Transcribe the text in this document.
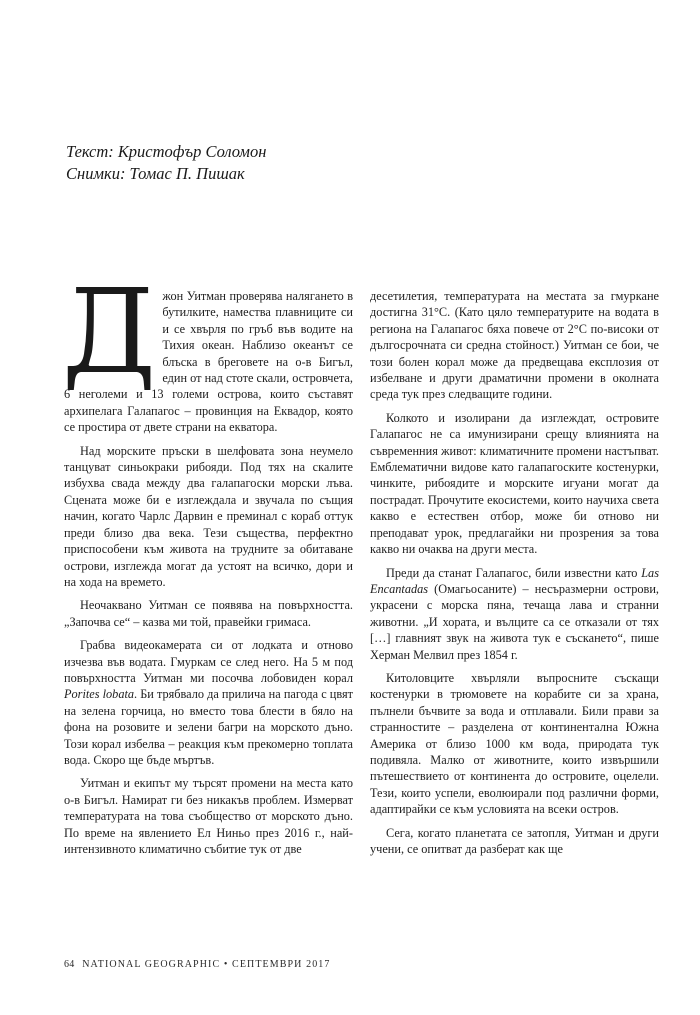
Текст: Кристофър Соломон
Снимки: Томас П. Пишак

Джон Уитман проверява налягането в бутилките, намества плавниците си и се хвърля по гръб във водите на Тихия океан. Наблизо океанът се блъска в бреговете на о-в Бигъл, един от над стоте скали, островчета, 6 неголеми и 13 големи острова, които съставят архипелага Галапагос – провинция на Еквадор, която се простира от двете страни на екватора.

Над морските пръски в шелфовата зона неумело танцуват синьокраки рибояди. Под тях на скалите избухва свада между два галапагоски морски лъва. Сцената може би е изглеждала и звучала по същия начин, когато Чарлс Дарвин е преминал с кораб оттук преди близо два века. Тези същества, перфектно приспособени към живота на трудните за обитаване острови, изглежда могат да устоят на всичко, дори и на хода на времето.

Неочаквано Уитман се появява на повърхността. „Започва се“ – казва ми той, правейки гримаса.

Грабва видеокамерата си от лодката и отново изчезва във водата. Гмуркам се след него. На 5 м под повърхността Уитман ми посочва лобовиден корал Porites lobata. Би трябвало да прилича на пагода с цвят на зелена горчица, но вместо това блести в бяло на фона на розовите и зелени багри на морското дъно. Този корал избелва – реакция към прекомерно топлата вода. Скоро ще бъде мъртъв.

Уитман и екипът му търсят промени на места като о-в Бигъл. Намират ги без никакъв проблем. Измерват температурата на това съобщество от морското дъно. По време на явлението Ел Ниньо през 2016 г., най-интензивното климатично събитие тук от две

десетилетия, температурата на местата за гмуркане достигна 31°C. (Като цяло температурите на водата в региона на Галапагос бяха повече от 2°C по-високи от дългосрочната си средна стойност.) Уитман се бои, че този болен корал може да предвещава експлозия от избелване и други драматични промени в околната среда тук през следващите години.

Колкото и изолирани да изглеждат, островите Галапагос не са имунизирани срещу влиянията на съвременния живот: климатичните промени настъпват. Емблематични видове като галапагоските костенурки, чинките, рибоядите и морските игуани могат да пострадат. Прочутите екосистеми, които научиха света какво е естествен отбор, може би отново ни преподават урок, предлагайки ни прозрения за това какво ни очаква на други места.

Преди да станат Галапагос, били известни като Las Encantadas (Омагьосаните) – несъразмерни острови, украсени с морска пяна, течаща лава и странни животни. „И хората, и вълците са се отказали от тях […] главният звук на живота тук е съскането“, пише Херман Мелвил през 1854 г.

Китоловците хвърляли въпросните съскащи костенурки в трюмовете на корабите си за храна, пълнели бъчвите за вода и отплавали. Били прави за странностите – разделена от континентална Южна Америка от близо 1000 км вода, природата тук подивяла. Малко от животните, които извършили пътешествието от континента до островите, оцелели. Тези, които успели, еволюирали под различни форми, адаптирайки се към условията на всеки остров.

Сега, когато планетата се затопля, Уитман и други учени, се опитват да разберат как ще

64 NATIONAL GEOGRAPHIC • СЕПТЕМВРИ 2017
